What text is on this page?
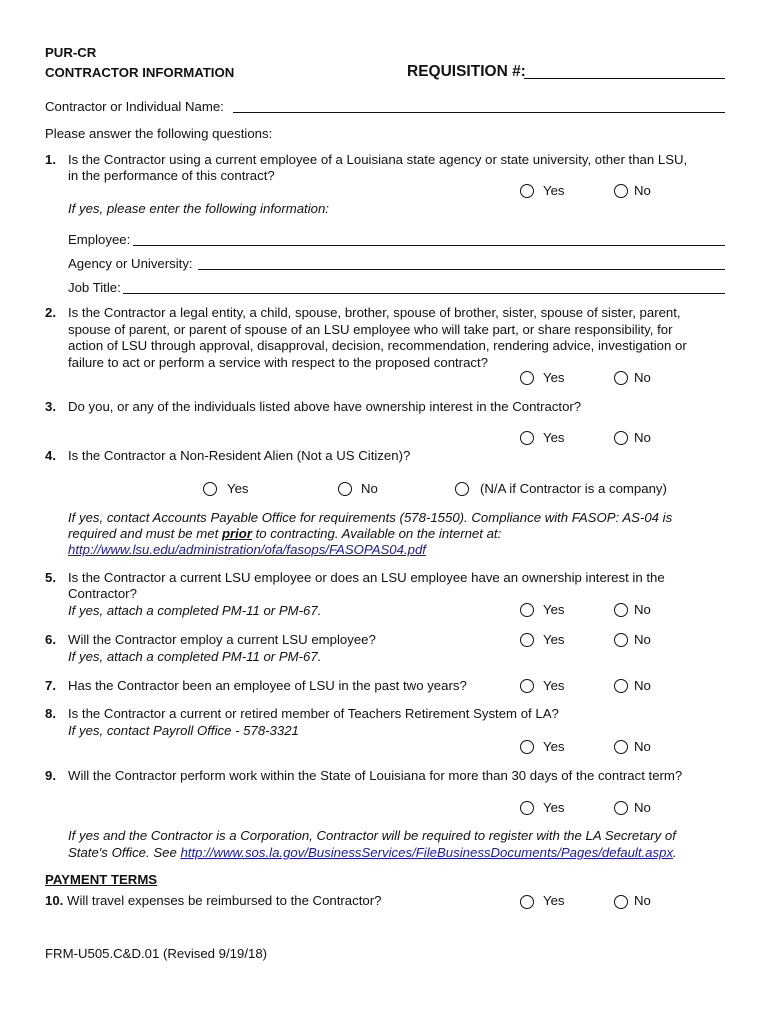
PUR-CR
CONTRACTOR INFORMATION	REQUISITION #:
Contractor or Individual Name:
Please answer the following questions:
1. Is the Contractor using a current employee of a Louisiana state agency or state university, other than LSU,
in the performance of this contract?
Yes	No
If yes, please enter the following information:
Employee:
Agency or University:
Job Title:
2. Is the Contractor a legal entity, a child, spouse, brother, spouse of brother, sister, spouse of sister, parent,
spouse of parent, or parent of spouse of an LSU employee who will take part, or share responsibility, for
action of LSU through approval, disapproval, decision, recommendation, rendering advice, investigation or
failure to act or perform a service with respect to the proposed contract?
Yes	No
3. Do you, or any of the individuals listed above have ownership interest in the Contractor?
Yes	No
4. Is the Contractor a Non-Resident Alien (Not a US Citizen)?
Yes	No	(N/A if Contractor is a company)
If yes, contact Accounts Payable Office for requirements (578-1550). Compliance with FASOP: AS-04 is
required and must be met prior to contracting. Available on the internet at:
http://www.lsu.edu/administration/ofa/fasops/FASOPAS04.pdf
5. Is the Contractor a current LSU employee or does an LSU employee have an ownership interest in the
Contractor?
If yes, attach a completed PM-11 or PM-67.	Yes	No
6. Will the Contractor employ a current LSU employee?
If yes, attach a completed PM-11 or PM-67.
Yes	No
7. Has the Contractor been an employee of LSU in the past two years?	Yes	No
8. Is the Contractor a current or retired member of Teachers Retirement System of LA?
If yes, contact Payroll Office - 578-3321
Yes	No
9. Will the Contractor perform work within the State of Louisiana for more than 30 days of the contract term?
Yes	No
If yes and the Contractor is a Corporation, Contractor will be required to register with the LA Secretary of
State's Office. See http://www.sos.la.gov/BusinessServices/FileBusinessDocuments/Pages/default.aspx.
PAYMENT TERMS
10. Will travel expenses be reimbursed to the Contractor?	Yes	No
FRM-U505.C&D.01 (Revised 9/19/18)
